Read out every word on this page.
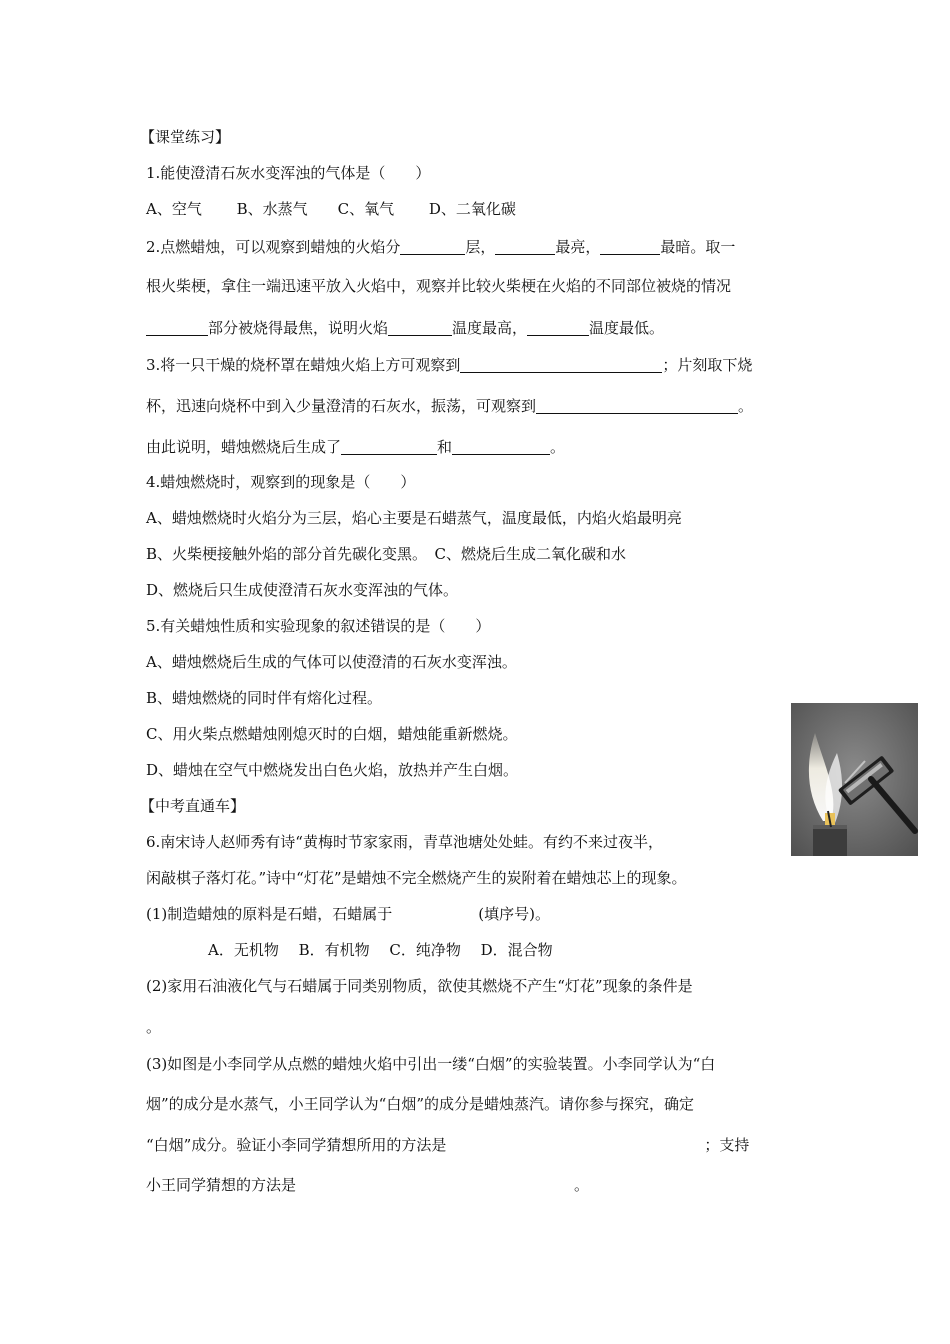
【课堂练习】
1.能使澄清石灰水变浑浊的气体是（　　）
A、空气　　 B、水蒸气　　C、氧气　　 D、二氧化碳
2.点燃蜡烛，可以观察到蜡烛的火焰分	层，	最亮，	最暗。取一
根火柴梗，拿住一端迅速平放入火焰中，观察并比较火柴梗在火焰的不同部位被烧的情况
部分被烧得最焦，说明火焰	温度最高，	温度最低。
3.将一只干燥的烧杯罩在蜡烛火焰上方可观察到	；片刻取下烧
杯，迅速向烧杯中到入少量澄清的石灰水，振荡，可观察到	。
由此说明，蜡烛燃烧后生成了	和	。
4.蜡烛燃烧时，观察到的现象是（　　）
A、蜡烛燃烧时火焰分为三层，焰心主要是石蜡蒸气，温度最低，内焰火焰最明亮
B、火柴梗接触外焰的部分首先碳化变黑。　C、燃烧后生成二氧化碳和水
D、燃烧后只生成使澄清石灰水变浑浊的气体。
5.有关蜡烛性质和实验现象的叙述错误的是（　　）
A、蜡烛燃烧后生成的气体可以使澄清的石灰水变浑浊。
B、蜡烛燃烧的同时伴有熔化过程。
C、用火柴点燃蜡烛刚熄灭时的白烟，蜡烛能重新燃烧。
D、蜡烛在空气中燃烧发出白色火焰，放热并产生白烟。
【中考直通车】
6.南宋诗人赵师秀有诗“黄梅时节家家雨，青草池塘处处蛙。有约不来过夜半，
闲敲棋子落灯花。”诗中“灯花”是蜡烛不完全燃烧产生的炭附着在蜡烛芯上的现象。
(1)制造蜡烛的原料是石蜡，石蜡属于	(填序号)。
A．无机物　 B．有机物　 C．纯净物　 D．混合物
(2)家用石油液化气与石蜡属于同类别物质，欲使其燃烧不产生“灯花”现象的条件是
。
(3)如图是小李同学从点燃的蜡烛火焰中引出一缕“白烟”的实验装置。小李同学认为“白
烟”的成分是水蒸气，小王同学认为“白烟”的成分是蜡烛蒸汽。请你参与探究，确定
“白烟”成分。验证小李同学猜想所用的方法是	；支持
小王同学猜想的方法是	。
